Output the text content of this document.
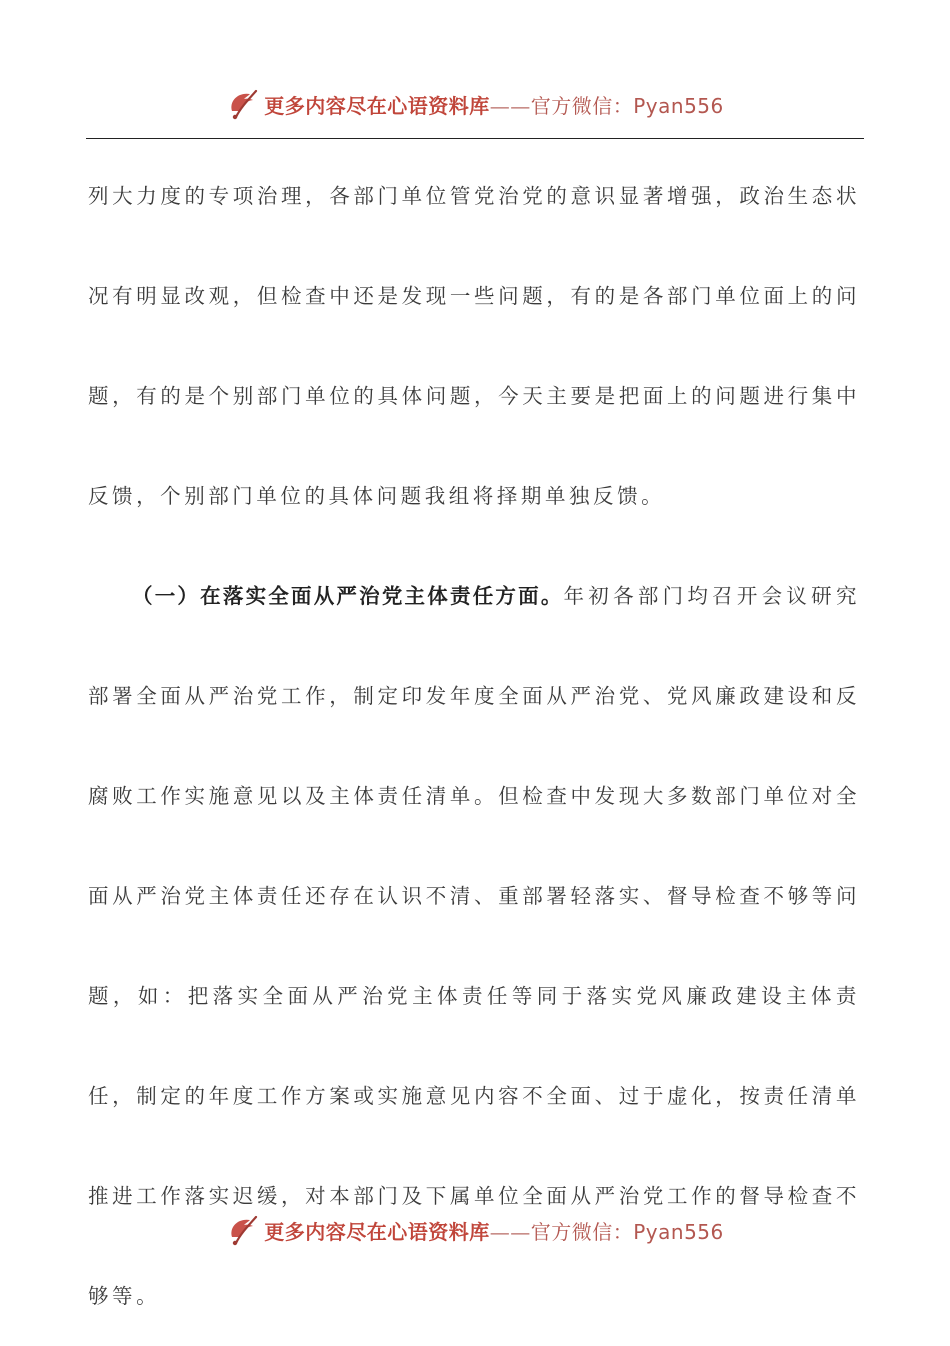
更多内容尽在心语资料库——官方微信：Pyan556

列大力度的专项治理，各部门单位管党治党的意识显著增强，政治生态状况有明显改观，但检查中还是发现一些问题，有的是各部门单位面上的问题，有的是个别部门单位的具体问题，今天主要是把面上的问题进行集中反馈，个别部门单位的具体问题我组将择期单独反馈。

（一）在落实全面从严治党主体责任方面。年初各部门均召开会议研究部署全面从严治党工作，制定印发年度全面从严治党、党风廉政建设和反腐败工作实施意见以及主体责任清单。但检查中发现大多数部门单位对全面从严治党主体责任还存在认识不清、重部署轻落实、督导检查不够等问题，如：把落实全面从严治党主体责任等同于落实党风廉政建设主体责任，制定的年度工作方案或实施意见内容不全面、过于虚化，按责任清单推进工作落实迟缓，对本部门及下属单位全面从严治党工作的督导检查不够等。

更多内容尽在心语资料库——官方微信：Pyan556
